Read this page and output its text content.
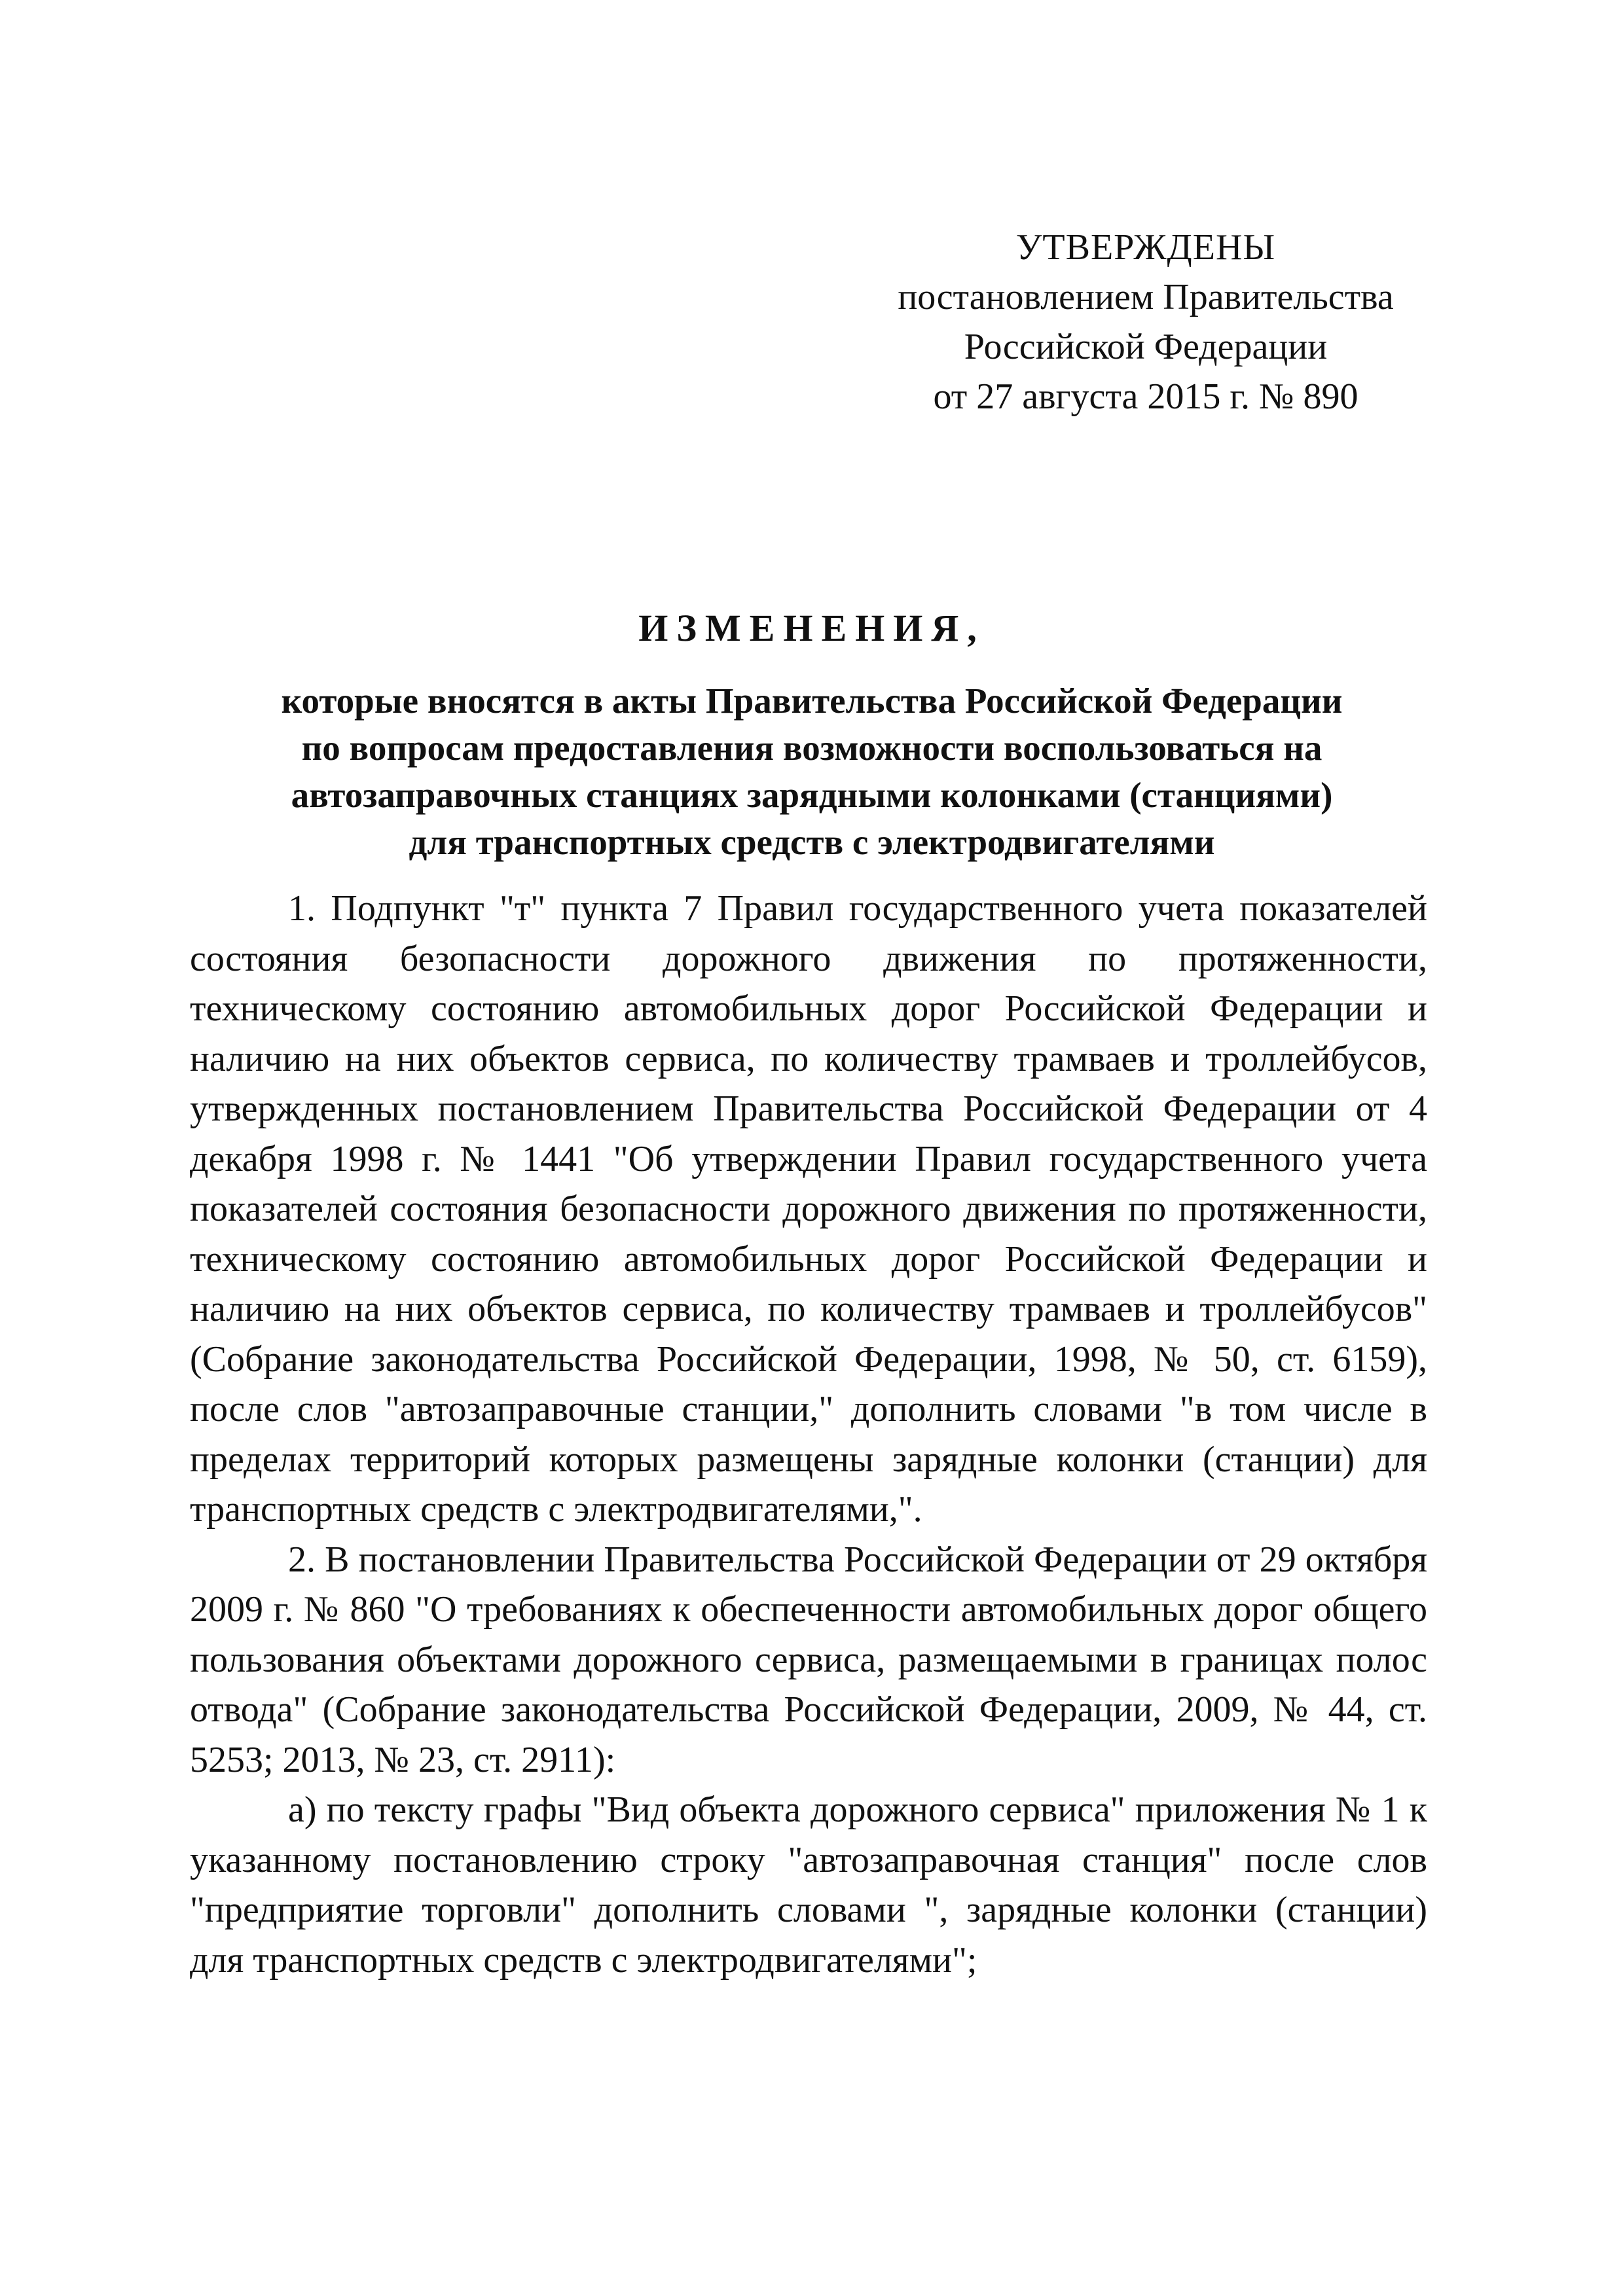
УТВЕРЖДЕНЫ
постановлением Правительства
Российской Федерации
от 27 августа 2015 г. № 890
ИЗМЕНЕНИЯ,
которые вносятся в акты Правительства Российской Федерации
по вопросам предоставления возможности воспользоваться на
автозаправочных станциях зарядными колонками (станциями)
для транспортных средств с электродвигателями

1. Подпункт "т" пункта 7 Правил государственного учета показателей состояния безопасности дорожного движения по протяженности, техническому состоянию автомобильных дорог Российской Федерации и наличию на них объектов сервиса, по количеству трамваев и троллейбусов, утвержденных постановлением Правительства Российской Федерации от 4 декабря 1998 г. № 1441 "Об утверждении Правил государственного учета показателей состояния безопасности дорожного движения по протяженности, техническому состоянию автомобильных дорог Российской Федерации и наличию на них объектов сервиса, по количеству трамваев и троллейбусов" (Собрание законодательства Российской Федерации, 1998, № 50, ст. 6159), после слов "автозаправочные станции," дополнить словами "в том числе в пределах территорий которых размещены зарядные колонки (станции) для транспортных средств с электродвигателями,".

2. В постановлении Правительства Российской Федерации от 29 октября 2009 г. № 860 "О требованиях к обеспеченности автомобильных дорог общего пользования объектами дорожного сервиса, размещаемыми в границах полос отвода" (Собрание законодательства Российской Федерации, 2009, № 44, ст. 5253; 2013, № 23, ст. 2911):

а) по тексту графы "Вид объекта дорожного сервиса" приложения № 1 к указанному постановлению строку "автозаправочная станция" после слов "предприятие торговли" дополнить словами ", зарядные колонки (станции) для транспортных средств с электродвигателями";
